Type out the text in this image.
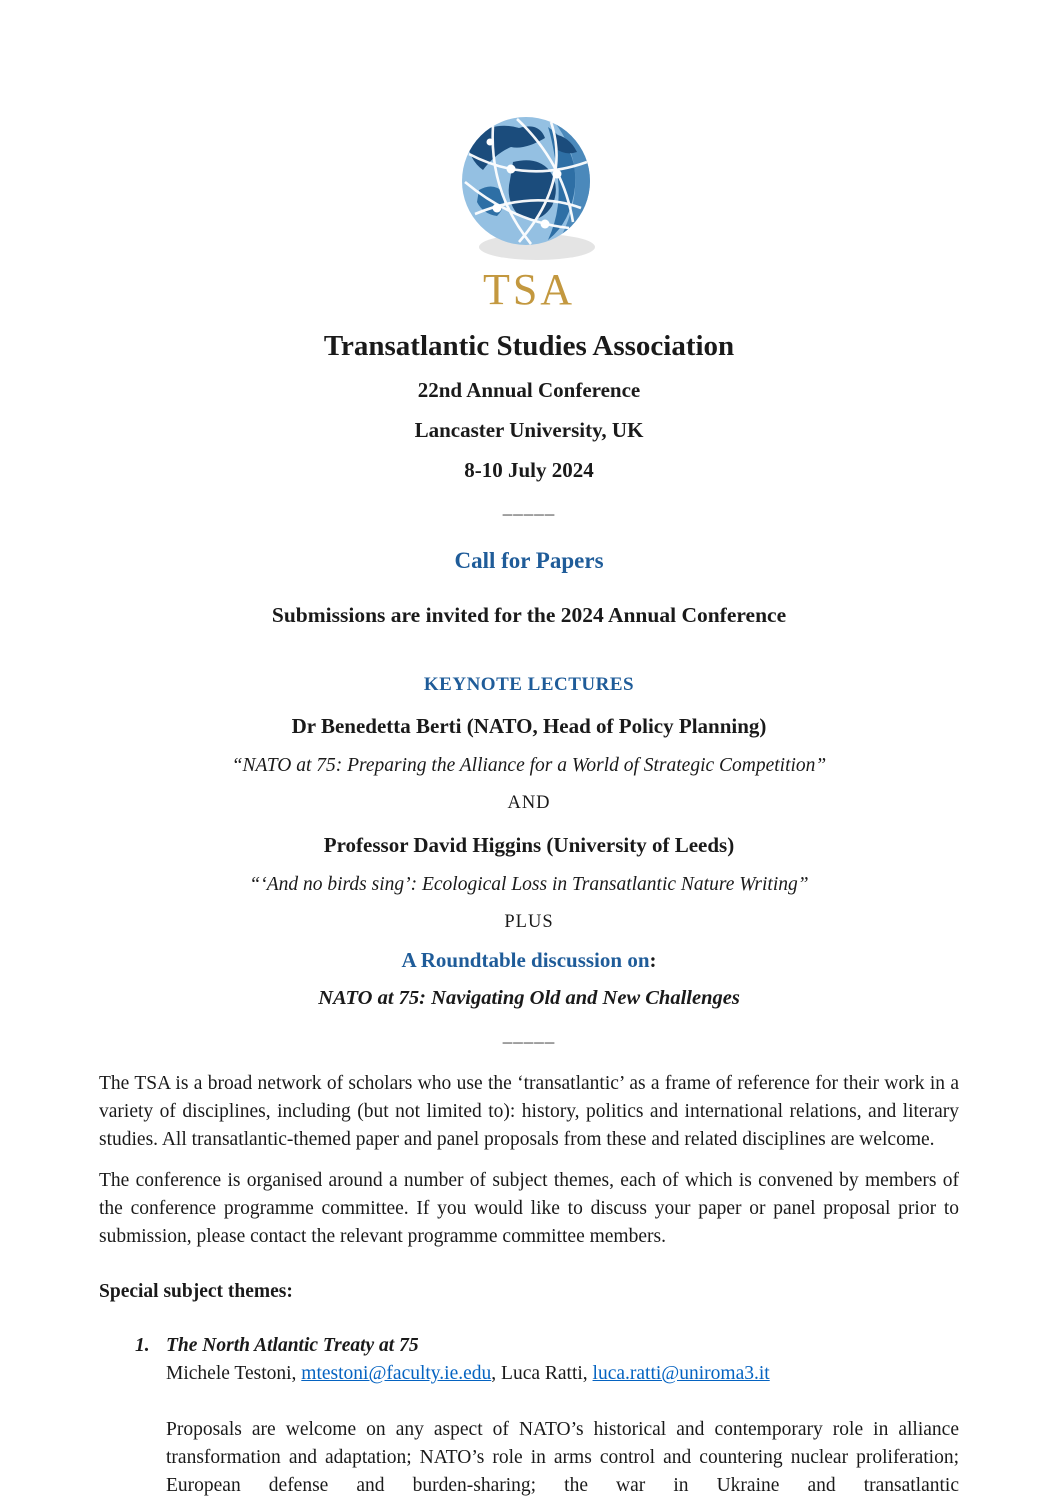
TSA
Transatlantic Studies Association
22nd Annual Conference
Lancaster University, UK
8-10 July 2024
_____
Call for Papers
Submissions are invited for the 2024 Annual Conference
KEYNOTE LECTURES
Dr Benedetta Berti (NATO, Head of Policy Planning)
“NATO at 75: Preparing the Alliance for a World of Strategic Competition”
AND
Professor David Higgins (University of Leeds)
“‘And no birds sing’: Ecological Loss in Transatlantic Nature Writing”
PLUS
A Roundtable discussion on:
NATO at 75: Navigating Old and New Challenges
_____

The TSA is a broad network of scholars who use the ‘transatlantic’ as a frame of reference for their work in a variety of disciplines, including (but not limited to): history, politics and international relations, and literary studies. All transatlantic-themed paper and panel proposals from these and related disciplines are welcome.

The conference is organised around a number of subject themes, each of which is convened by members of the conference programme committee. If you would like to discuss your paper or panel proposal prior to submission, please contact the relevant programme committee members.

Special subject themes:

1. The North Atlantic Treaty at 75
Michele Testoni, mtestoni@faculty.ie.edu, Luca Ratti, luca.ratti@uniroma3.it

Proposals are welcome on any aspect of NATO’s historical and contemporary role in alliance transformation and adaptation; NATO’s role in arms control and countering nuclear proliferation; European defense and burden-sharing; the war in Ukraine and transatlantic
